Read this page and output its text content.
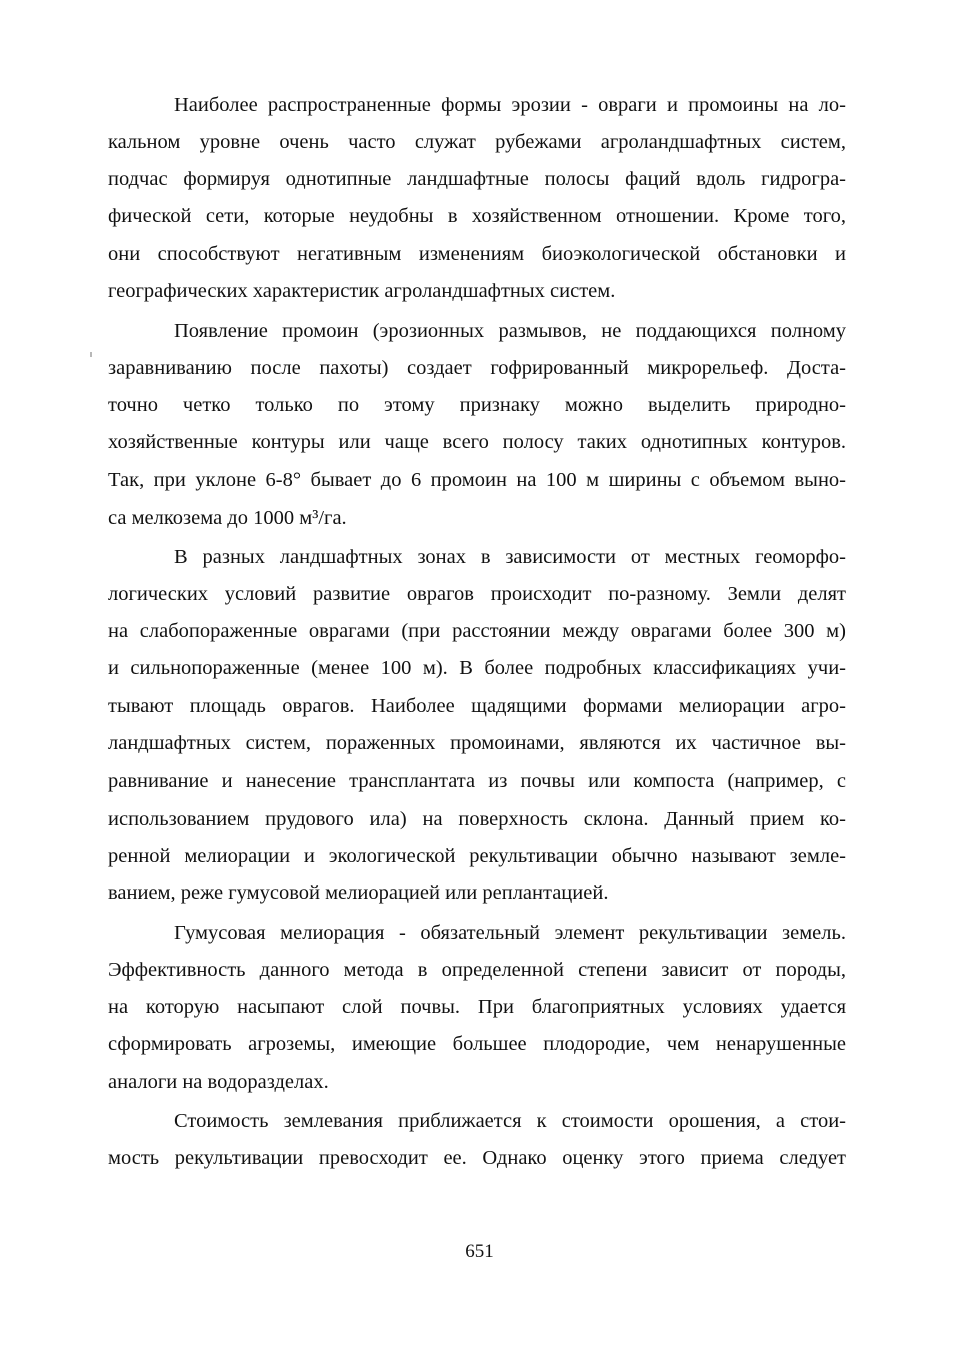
Наиболее распространенные формы эрозии - овраги и промоины на ло-
кальном уровне очень часто служат рубежами агроландшафтных систем,
подчас формируя однотипные ландшафтные полосы фаций вдоль гидрогра-
фической сети, которые неудобны в хозяйственном отношении. Кроме того,
они способствуют негативным изменениям биоэкологической обстановки и
географических характеристик агроландшафтных систем.
Появление промоин (эрозионных размывов, не поддающихся полному
заравниванию после пахоты) создает гофрированный микрорельеф. Доста-
точно четко только по этому признаку можно выделить природно-
хозяйственные контуры или чаще всего полосу таких однотипных контуров.
Так, при уклоне 6-8° бывает до 6 промоин на 100 м ширины с объемом выно-
са мелкозема до 1000 м³/га.
В разных ландшафтных зонах в зависимости от местных геоморфо-
логических условий развитие оврагов происходит по-разному. Земли делят
на слабопораженные оврагами (при расстоянии между оврагами более 300 м)
и сильнопораженные (менее 100 м). В более подробных классификациях учи-
тывают площадь оврагов. Наиболее щадящими формами мелиорации агро-
ландшафтных систем, пораженных промоинами, являются их частичное вы-
равнивание и нанесение трансплантата из почвы или компоста (например, с
использованием прудового ила) на поверхность склона. Данный прием ко-
ренной мелиорации и экологической рекультивации обычно называют земле-
ванием, реже гумусовой мелиорацией или реплантацией.
Гумусовая мелиорация - обязательный элемент рекультивации земель.
Эффективность данного метода в определенной степени зависит от породы,
на которую насыпают слой почвы. При благоприятных условиях удается
сформировать агроземы, имеющие большее плодородие, чем ненарушенные
аналоги на водоразделах.
Стоимость землевания приближается к стоимости орошения, а стои-
мость рекультивации превосходит ее. Однако оценку этого приема следует
651
